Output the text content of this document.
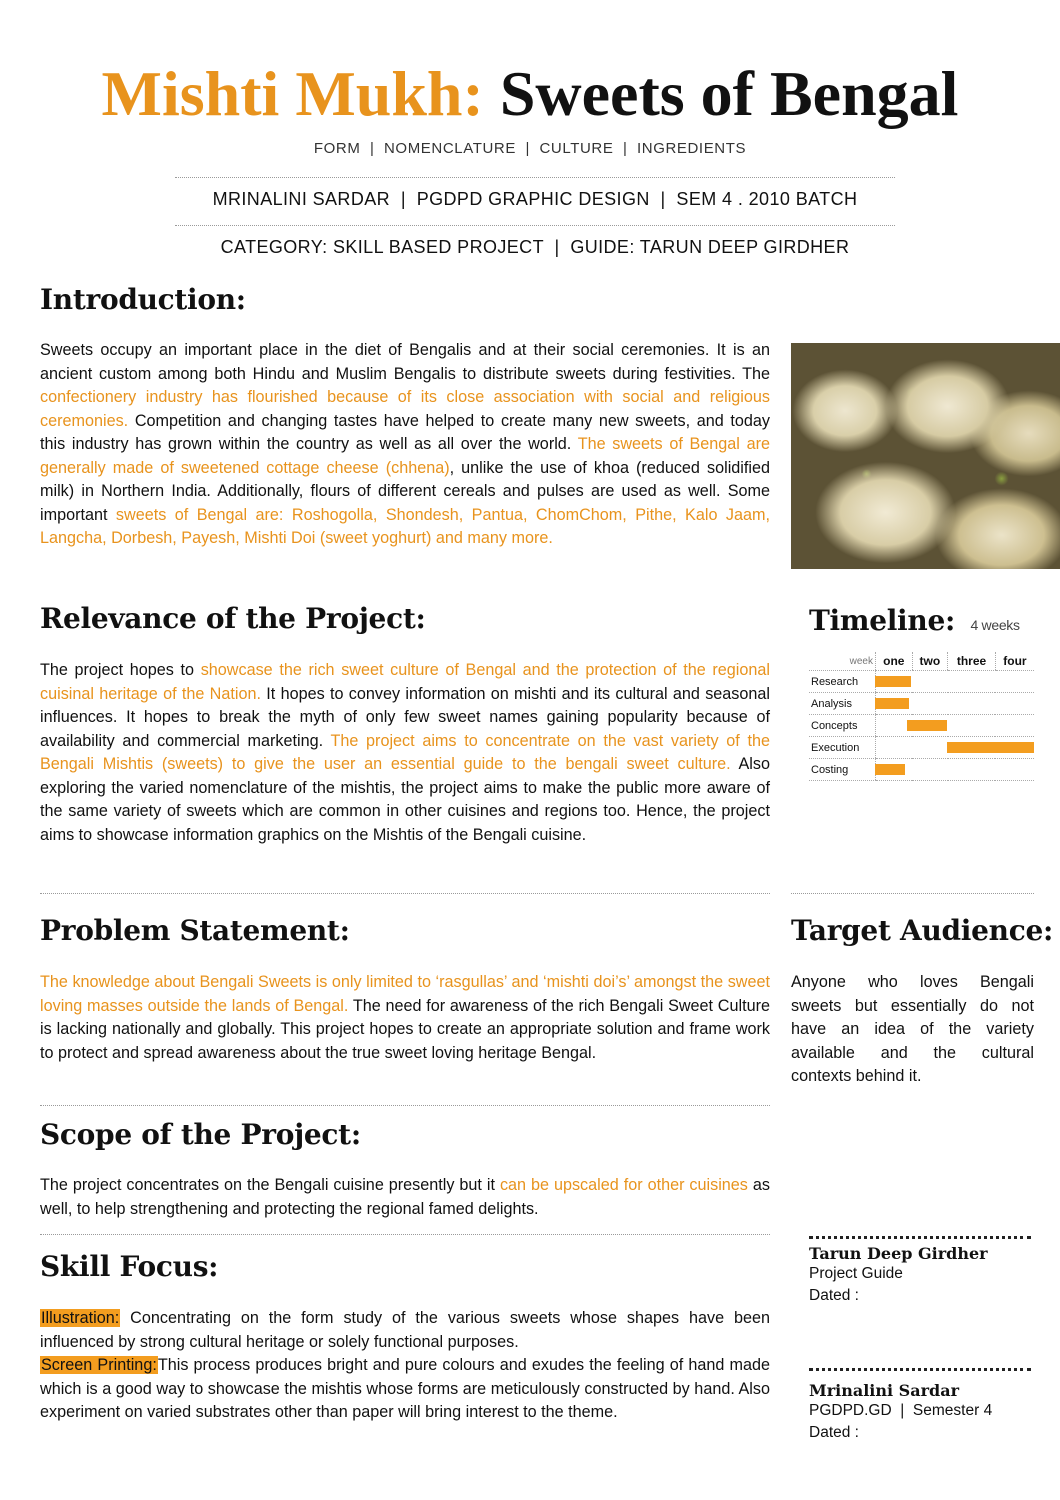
Mishti Mukh: Sweets of Bengal
FORM  |  NOMENCLATURE  |  CULTURE  |  INGREDIENTS
MRINALINI SARDAR  |  PGDPD GRAPHIC DESIGN  |  SEM 4 . 2010 BATCH
CATEGORY: SKILL BASED PROJECT  |  GUIDE: TARUN DEEP GIRDHER
Introduction:
Sweets occupy an important place in the diet of Bengalis and at their social ceremonies. It is an ancient custom among both Hindu and Muslim Bengalis to distribute sweets during festivities. The confectionery industry has flourished because of its close association with social and religious ceremonies. Competition and changing tastes have helped to create many new sweets, and today this industry has grown within the country as well as all over the world. The sweets of Bengal are generally made of sweetened cottage cheese (chhena), unlike the use of khoa (reduced solidified milk) in Northern India. Additionally, flours of different cereals and pulses are used as well. Some important sweets of Bengal are: Roshogolla, Shondesh, Pantua, ChomChom, Pithe, Kalo Jaam, Langcha, Dorbesh, Payesh, Mishti Doi (sweet yoghurt) and many more.
Relevance of the Project:
The project hopes to showcase the rich sweet culture of Bengal and the protection of the regional cuisinal heritage of the Nation. It hopes to convey information on mishti and its cultural and seasonal influences. It hopes to break the myth of only few sweet names gaining popularity because of availability and commercial marketing. The project aims to concentrate on the vast variety of the Bengali Mishtis (sweets) to give the user an essential guide to the bengali sweet culture. Also exploring the varied nomenclature of the mishtis, the project aims to make the public more aware of the same variety of sweets which are common in other cuisines and regions too. Hence, the project aims to showcase information graphics on the Mishtis of the Bengali cuisine.
Timeline: 4 weeks
week	one	two	three	four
Research				
Analysis				
Concepts				
Execution				
Costing				
Problem Statement:
The knowledge about Bengali Sweets is only limited to ‘rasgullas’ and ‘mishti doi’s’ amongst the sweet loving masses outside the lands of Bengal. The need for awareness of the rich Bengali Sweet Culture is lacking nationally and globally. This project hopes to create an appropriate solution and frame work to protect and spread awareness about the true sweet loving heritage Bengal.
Target Audience:
Anyone who loves Bengali sweets but essentially do not have an idea of the variety available and the cultural contexts behind it.
Scope of the Project:
The project concentrates on the Bengali cuisine presently but it can be upscaled for other cuisines as well, to help strengthening and protecting the regional famed delights.
Skill Focus:
Illustration: Concentrating on the form study of the various sweets whose shapes have been influenced by strong cultural heritage or solely functional purposes.
Screen Printing:This process produces bright and pure colours and exudes the feeling of hand made which is a good way to showcase the mishtis whose forms are meticulously constructed by hand. Also experiment on varied substrates other than paper will bring interest to the theme.
Tarun Deep Girdher
Project Guide
Dated :
Mrinalini Sardar
PGDPD.GD  |  Semester 4
Dated :
